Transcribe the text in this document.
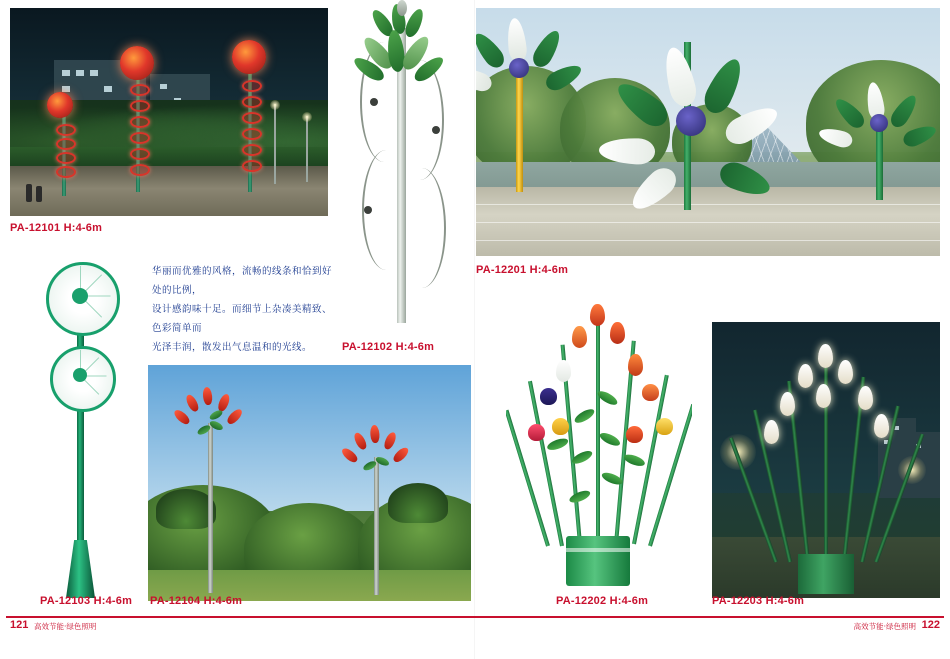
PA-12101 H:4-6m
PA-12102 H:4-6m
PA-12201 H:4-6m
华丽而优雅的风格，流畅的线条和恰到好处的比例，
设计感韵味十足。而细节上杂凑美精致、色彩简单而
光泽丰润，散发出气息温和的光线。
PA-12103 H:4-6m PA-12104 H:4-6m	PA-12202 H:4-6m	PA-12203 H:4-6m
121 高效节能·绿色照明	122
高效节能·绿色照明
